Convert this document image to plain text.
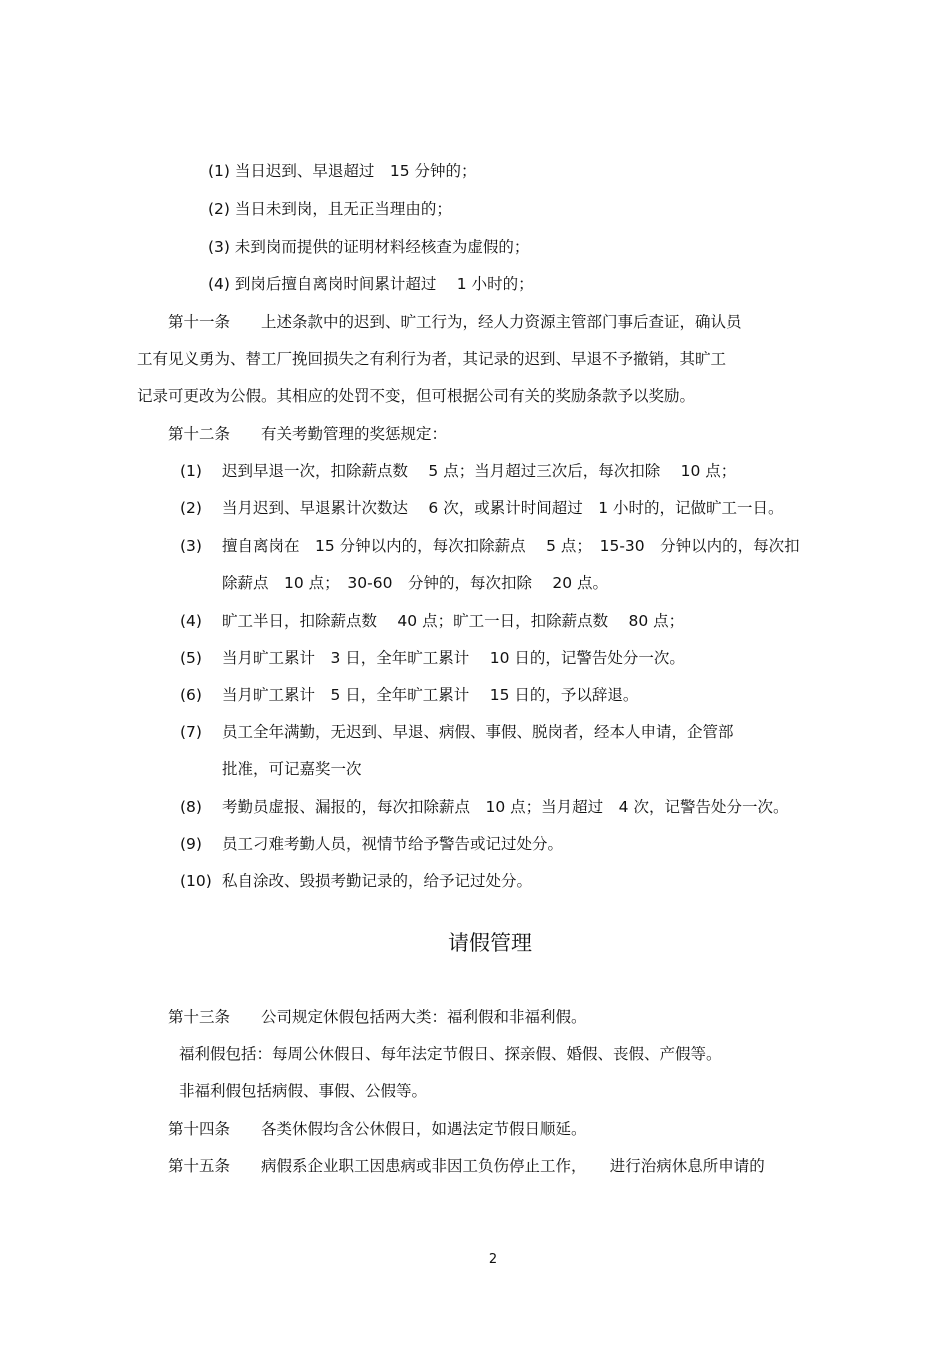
(1) 当日迟到、早退超过　15 分钟的；
(2) 当日未到岗，且无正当理由的；
(3) 未到岗而提供的证明材料经核查为虚假的；
(4) 到岗后擅自离岗时间累计超过　 1 小时的；
第十一条　　上述条款中的迟到、旷工行为，经人力资源主管部门事后查证，确认员
工有见义勇为、替工厂挽回损失之有利行为者，其记录的迟到、早退不予撤销，其旷工
记录可更改为公假。其相应的处罚不变，但可根据公司有关的奖励条款予以奖励。
第十二条　　有关考勤管理的奖惩规定：
(1) 迟到早退一次，扣除薪点数　 5 点；当月超过三次后，每次扣除　 10 点；
(2) 当月迟到、早退累计次数达　 6 次，或累计时间超过　1 小时的，记做旷工一日。
(3) 擅自离岗在　15 分钟以内的，每次扣除薪点　 5 点；　15-30　分钟以内的，每次扣
除薪点　10 点；　30-60　分钟的，每次扣除　 20 点。
(4) 旷工半日，扣除薪点数　 40 点；旷工一日，扣除薪点数　 80 点；
(5) 当月旷工累计　3 日，全年旷工累计　 10 日的，记警告处分一次。
(6) 当月旷工累计　5 日，全年旷工累计　 15 日的，予以辞退。
(7) 员工全年满勤，无迟到、早退、病假、事假、脱岗者，经本人申请，企管部
批准，可记嘉奖一次
(8) 考勤员虚报、漏报的，每次扣除薪点　10 点；当月超过　4 次，记警告处分一次。
(9) 员工刁难考勤人员，视情节给予警告或记过处分。
(10) 私自涂改、毁损考勤记录的，给予记过处分。
请假管理
第十三条　　公司规定休假包括两大类：福利假和非福利假。
福利假包括：每周公休假日、每年法定节假日、探亲假、婚假、丧假、产假等。
非福利假包括病假、事假、公假等。
第十四条　　各类休假均含公休假日，如遇法定节假日顺延。
第十五条　　病假系企业职工因患病或非因工负伤停止工作，　　进行治病休息所申请的
2
